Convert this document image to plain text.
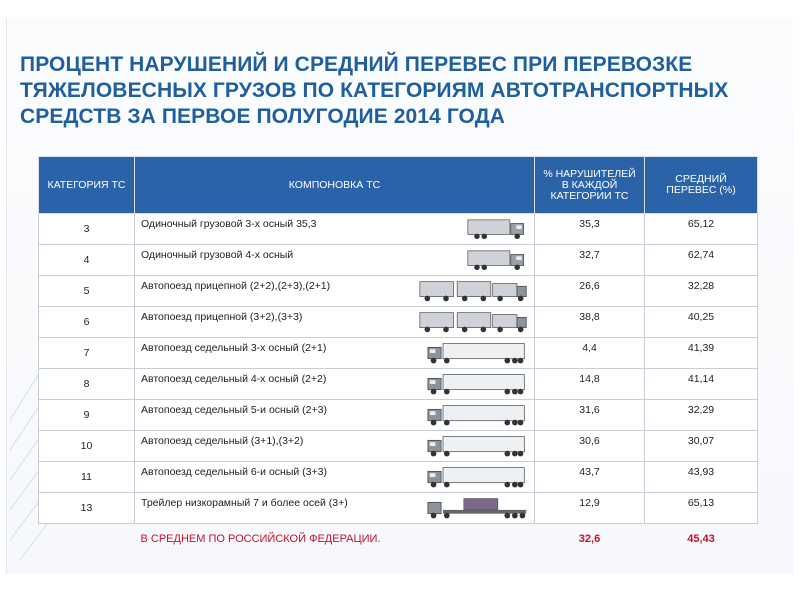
ПРОЦЕНТ НАРУШЕНИЙ И СРЕДНИЙ ПЕРЕВЕС ПРИ ПЕРЕВОЗКЕ
ТЯЖЕЛОВЕСНЫХ ГРУЗОВ ПО КАТЕГОРИЯМ АВТОТРАНСПОРТНЫХ
СРЕДСТВ ЗА ПЕРВОЕ ПОЛУГОДИЕ 2014 ГОДА
КАТЕГОРИЯ ТС	КОМПОНОВКА ТС	% НАРУШИТЕЛЕЙ В КАЖДОЙ КАТЕГОРИИ ТС	СРЕДНИЙ ПЕРЕВЕС (%)
3	Одиночный грузовой 3-х осный 35,3	35,3	65,12
4	Одиночный грузовой 4-х осный	32,7	62,74
5	Автопоезд прицепной (2+2),(2+3),(2+1)	26,6	32,28
6	Автопоезд прицепной (3+2),(3+3)	38,8	40,25
7	Автопоезд седельный 3-х осный (2+1)	4,4	41,39
8	Автопоезд седельный 4-х осный (2+2)	14,8	41,14
9	Автопоезд седельный 5-и осный (2+3)	31,6	32,29
10	Автопоезд седельный (3+1),(3+2)	30,6	30,07
11	Автопоезд седельный 6-и осный (3+3)	43,7	43,93
13	Трейлер низкорамный 7 и более осей (3+)	12,9	65,13
	В СРЕДНЕМ ПО РОССИЙСКОЙ ФЕДЕРАЦИИ.	32,6	45,43
